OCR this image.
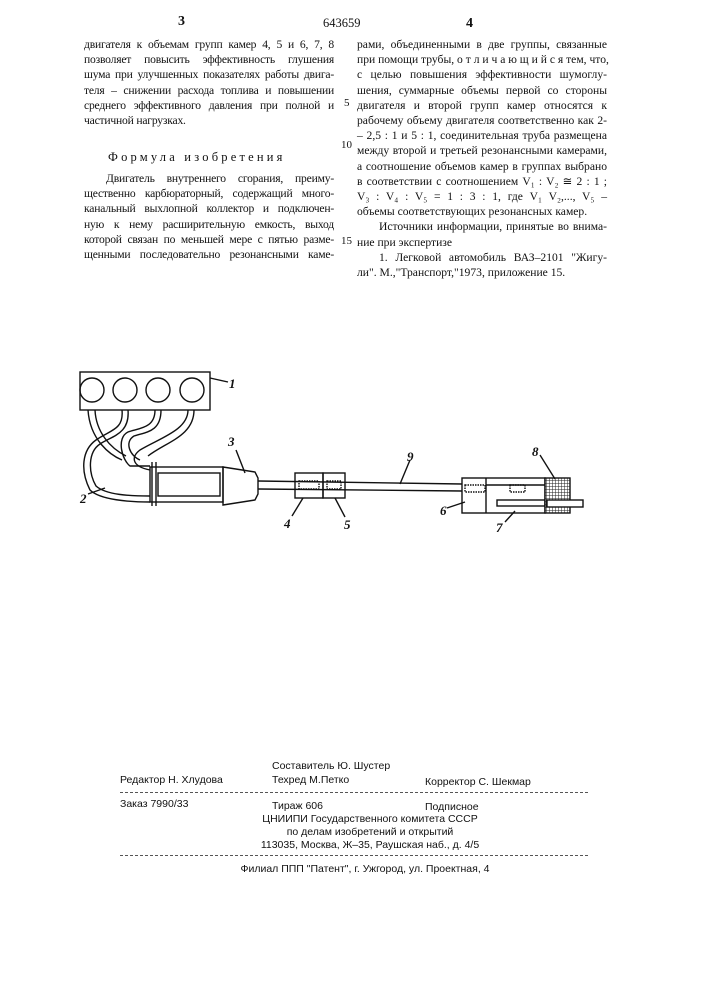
3	643659	4
двигателя к объемам групп камер 4, 5 и 6, 7, 8
позволяет повысить эффективность глушения
шума при улучшенных показателях работы двига-
теля – снижении расхода топлива и повышении
среднего эффективного давления при полной и
частичной нагрузках.
Формула изобретения
Двигатель внутреннего сгорания, преиму-
щественно карбюраторный, содержащий много-
канальный выхлопной коллектор и подключен-
ную к нему расширительную емкость, выход
которой связан по меньшей мере с пятью разме-
щенными последовательно резонансными каме-
5
10
15
рами, объединенными в две группы, связанные
при помощи трубы, о т л и ч а ю щ и й с я тем, что,
с целью повышения эффективности шумоглу-
шения, суммарные объемы первой со стороны
двигателя и второй групп камер относятся к
рабочему объему двигателя соответственно как 2-
– 2,5 : 1 и 5 : 1, соединительная труба размещена
между второй и третьей резонансными камерами,
а соотношение объемов камер в группах выбрано
в соответствии с соотношением V₁ : V₂ ≅ 2 : 1 ;
V₃ : V₄ : V₅ = 1 : 3 : 1, где V₁ V₂,..., V₅ –
объемы соответствующих резонансных камер.
Источники информации, принятые во внима-
ние при экспертизе
1. Легковой автомобиль ВАЗ–2101 "Жигу-
ли". М.,"Транспорт,"1973, приложение 15.
1
2
3
4	5
6
7
8
9
Составитель Ю. Шустер
Редактор Н. Хлудова	Техред М.Петко	Корректор С. Шекмар
Заказ 7990/33	Тираж 606	Подписное
ЦНИИПИ Государственного комитета СССР
по делам изобретений и открытий
113035, Москва, Ж–35, Раушская наб., д. 4/5
Филиал ППП "Патент", г. Ужгород, ул. Проектная, 4
